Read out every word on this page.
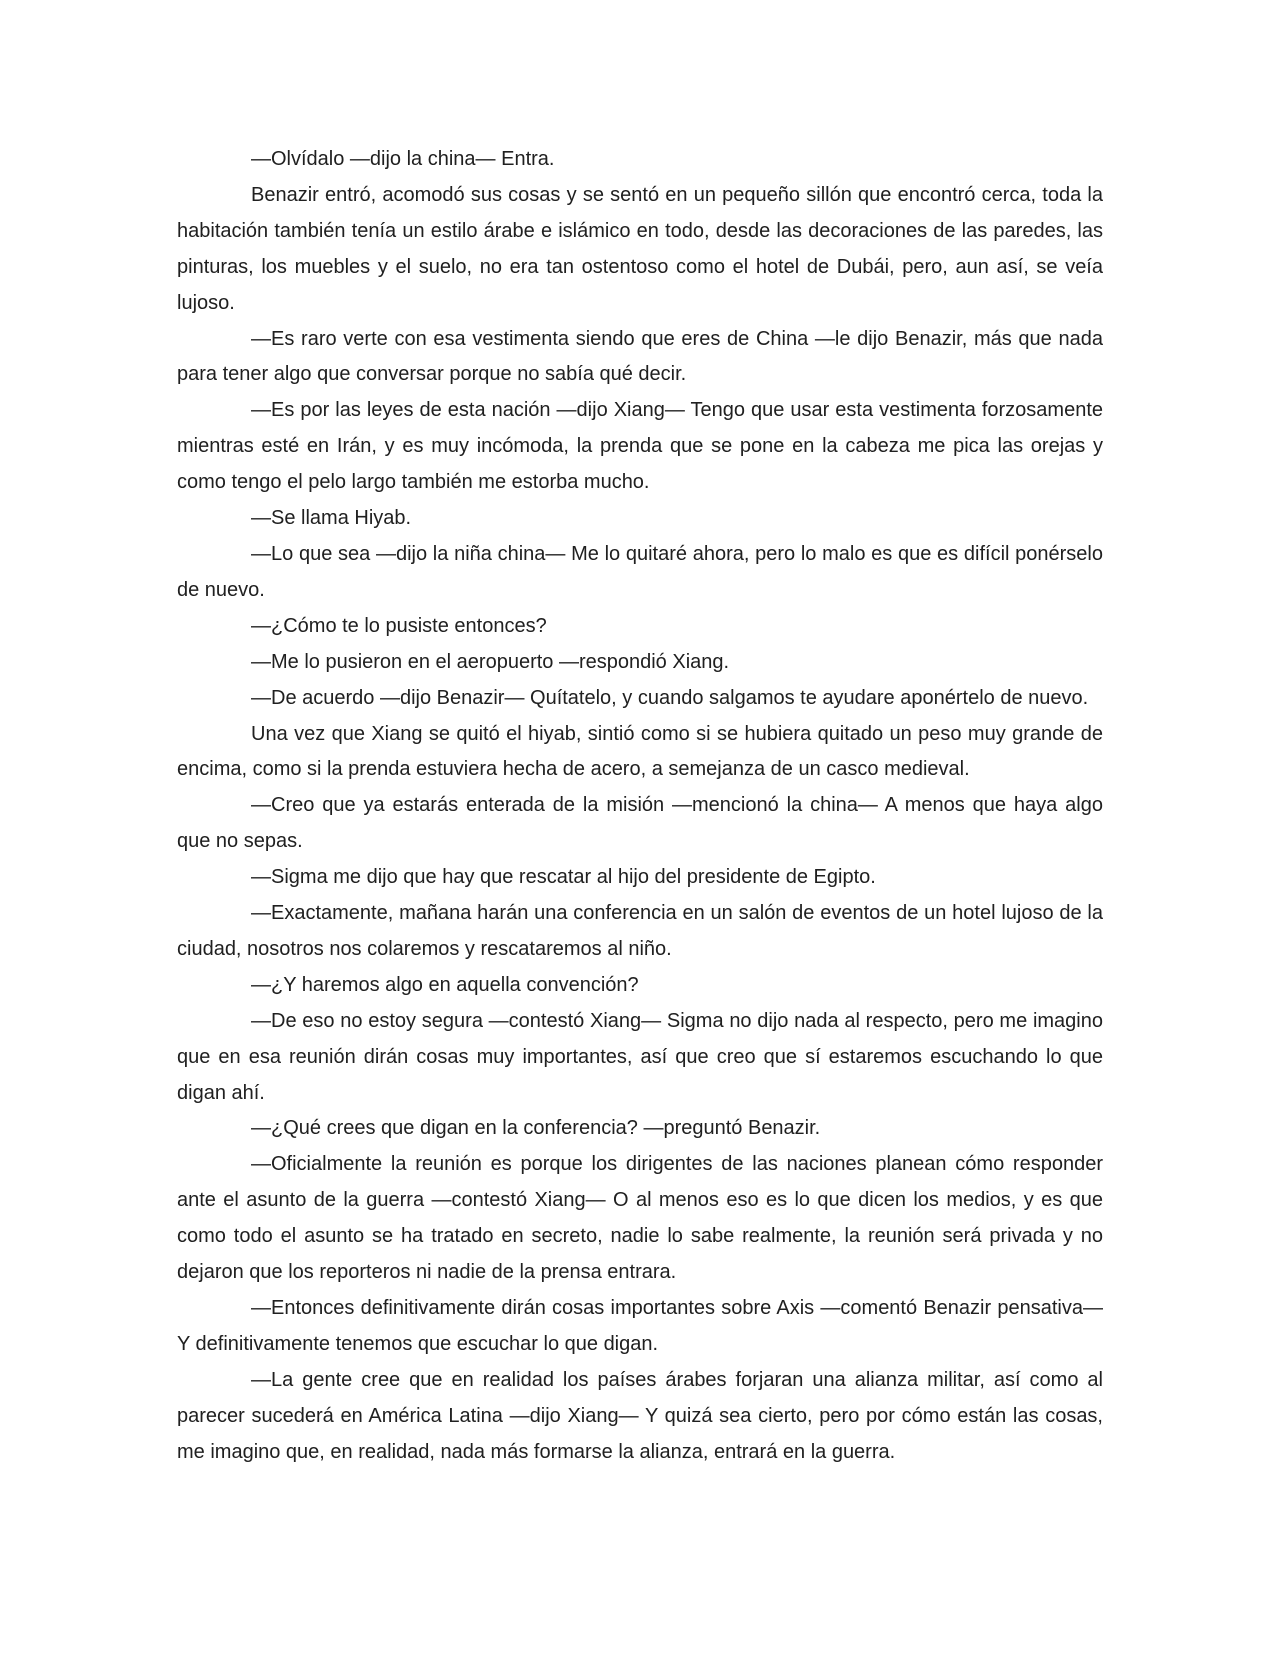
—Olvídalo —dijo la china— Entra.

Benazir entró, acomodó sus cosas y se sentó en un pequeño sillón que encontró cerca, toda la habitación también tenía un estilo árabe e islámico en todo, desde las decoraciones de las paredes, las pinturas, los muebles y el suelo, no era tan ostentoso como el hotel de Dubái, pero, aun así, se veía lujoso.

—Es raro verte con esa vestimenta siendo que eres de China —le dijo Benazir, más que nada para tener algo que conversar porque no sabía qué decir.

—Es por las leyes de esta nación —dijo Xiang— Tengo que usar esta vestimenta forzosamente mientras esté en Irán, y es muy incómoda, la prenda que se pone en la cabeza me pica las orejas y como tengo el pelo largo también me estorba mucho.

—Se llama Hiyab.

—Lo que sea —dijo la niña china— Me lo quitaré ahora, pero lo malo es que es difícil ponérselo de nuevo.

—¿Cómo te lo pusiste entonces?

—Me lo pusieron en el aeropuerto —respondió Xiang.

—De acuerdo —dijo Benazir— Quítatelo, y cuando salgamos te ayudare aponértelo de nuevo.

Una vez que Xiang se quitó el hiyab, sintió como si se hubiera quitado un peso muy grande de encima, como si la prenda estuviera hecha de acero, a semejanza de un casco medieval.

—Creo que ya estarás enterada de la misión —mencionó la china— A menos que haya algo que no sepas.

—Sigma me dijo que hay que rescatar al hijo del presidente de Egipto.

—Exactamente, mañana harán una conferencia en un salón de eventos de un hotel lujoso de la ciudad, nosotros nos colaremos y rescataremos al niño.

—¿Y haremos algo en aquella convención?

—De eso no estoy segura —contestó Xiang— Sigma no dijo nada al respecto, pero me imagino que en esa reunión dirán cosas muy importantes, así que creo que sí estaremos escuchando lo que digan ahí.

—¿Qué crees que digan en la conferencia? —preguntó Benazir.

—Oficialmente la reunión es porque los dirigentes de las naciones planean cómo responder ante el asunto de la guerra —contestó Xiang— O al menos eso es lo que dicen los medios, y es que como todo el asunto se ha tratado en secreto, nadie lo sabe realmente, la reunión será privada y no dejaron que los reporteros ni nadie de la prensa entrara.

—Entonces definitivamente dirán cosas importantes sobre Axis —comentó Benazir pensativa— Y definitivamente tenemos que escuchar lo que digan.

—La gente cree que en realidad los países árabes forjaran una alianza militar, así como al parecer sucederá en América Latina —dijo Xiang— Y quizá sea cierto, pero por cómo están las cosas, me imagino que, en realidad, nada más formarse la alianza, entrará en la guerra.
